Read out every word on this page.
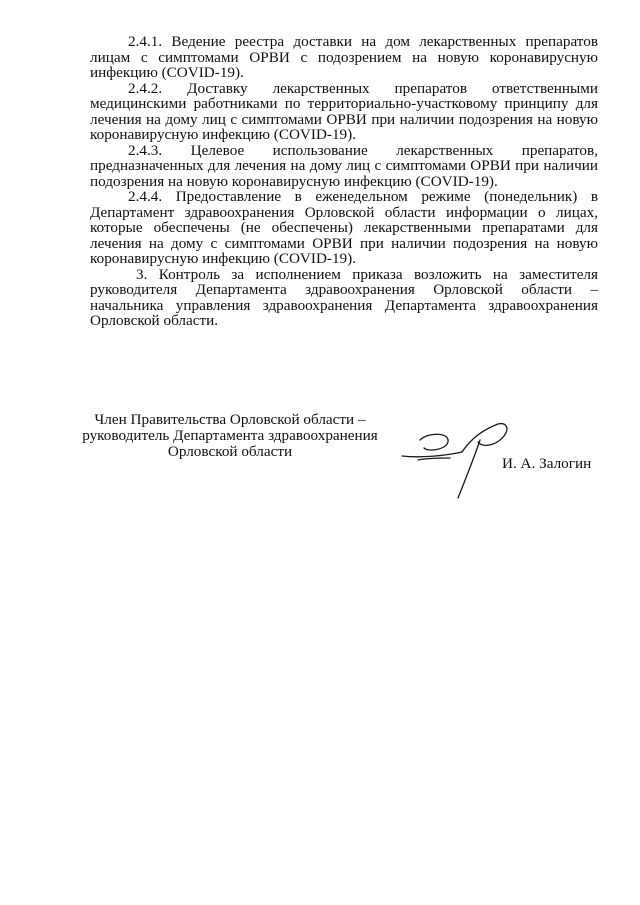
2.4.1. Ведение реестра доставки на дом лекарственных препаратов лицам с симптомами ОРВИ с подозрением на новую коронавирусную инфекцию (COVID-19).

2.4.2. Доставку лекарственных препаратов ответственными медицинскими работниками по территориально-участковому принципу для лечения на дому лиц с симптомами ОРВИ при наличии подозрения на новую коронавирусную инфекцию (COVID-19).

2.4.3. Целевое использование лекарственных препаратов, предназначенных для лечения на дому лиц с симптомами ОРВИ при наличии подозрения на новую коронавирусную инфекцию (COVID-19).

2.4.4. Предоставление в еженедельном режиме (понедельник) в Департамент здравоохранения Орловской области информации о лицах, которые обеспечены (не обеспечены) лекарственными препаратами для лечения на дому с симптомами ОРВИ при наличии подозрения на новую коронавирусную инфекцию (COVID-19).

3. Контроль за исполнением приказа возложить на заместителя руководителя Департамента здравоохранения Орловской области – начальника управления здравоохранения Департамента здравоохранения Орловской области.

Член Правительства Орловской области –
руководитель Департамента здравоохранения
Орловской области
И. А. Залогин
